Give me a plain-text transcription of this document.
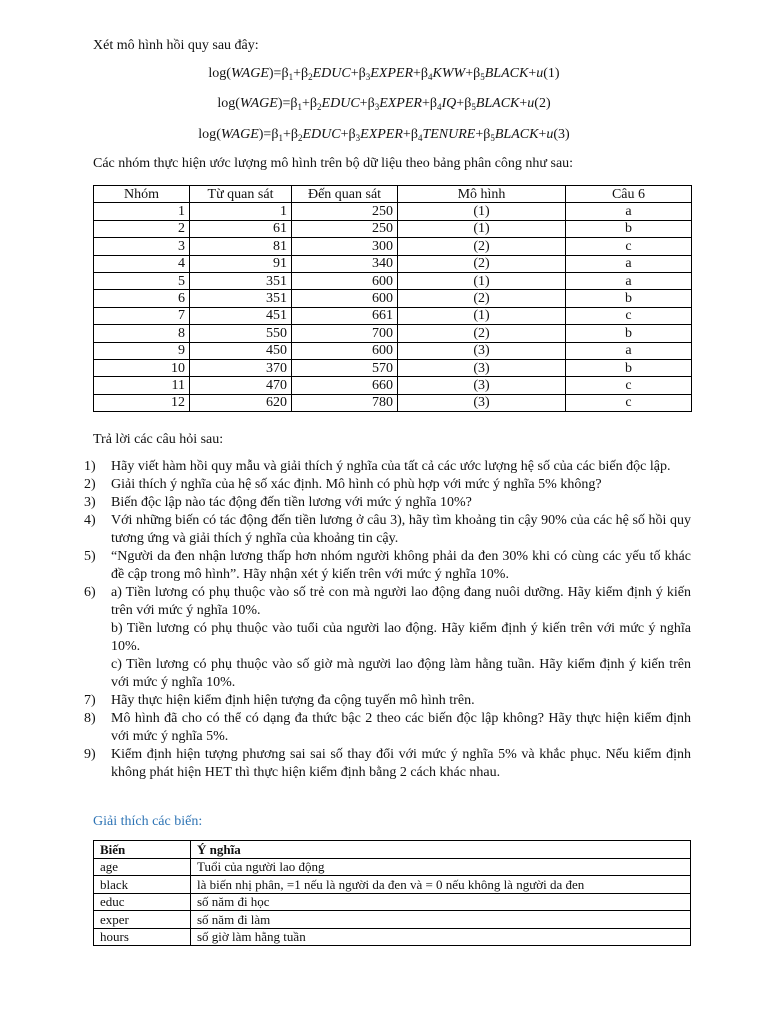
Xét mô hình hồi quy sau đây:
$\log(WAGE)=\beta_1+\beta_2EDUC+\beta_3EXPER+\beta_4KWW+\beta_5BLACK+u(1)$
$\log(WAGE)=\beta_1+\beta_2EDUC+\beta_3EXPER+\beta_4IQ+\beta_5BLACK+u(2)$
$\log(WAGE)=\beta_1+\beta_2EDUC+\beta_3EXPER+\beta_4TENURE+\beta_5BLACK+u(3)$
Các nhóm thực hiện ước lượng mô hình trên bộ dữ liệu theo bảng phân công như sau:
Nhóm	Từ quan sát	Đến quan sát	Mô hình	Câu 6
1	1	250	(1)	a
2	61	250	(1)	b
3	81	300	(2)	c
4	91	340	(2)	a
5	351	600	(1)	a
6	351	600	(2)	b
7	451	661	(1)	c
8	550	700	(2)	b
9	450	600	(3)	a
10	370	570	(3)	b
11	470	660	(3)	c
12	620	780	(3)	c
Trả lời các câu hỏi sau:
1)	Hãy viết hàm hồi quy mẫu và giải thích ý nghĩa của tất cả các ước lượng hệ số của các biến độc lập.
2)	Giải thích ý nghĩa của hệ số xác định. Mô hình có phù hợp với mức ý nghĩa 5% không?
3)	Biến độc lập nào tác động đến tiền lương với mức ý nghĩa 10%?
4)	Với những biến có tác động đến tiền lương ở câu 3), hãy tìm khoảng tin cậy 90% của các hệ số hồi quy tương ứng và giải thích ý nghĩa của khoảng tin cậy.
5)	“Người da đen nhận lương thấp hơn nhóm người không phải da đen 30% khi có cùng các yếu tố khác đề cập trong mô hình”. Hãy nhận xét ý kiến trên với mức ý nghĩa 10%.
6)	a) Tiền lương có phụ thuộc vào số trẻ con mà người lao động đang nuôi dưỡng. Hãy kiểm định ý kiến trên với mức ý nghĩa 10%.
b) Tiền lương có phụ thuộc vào tuổi của người lao động. Hãy kiểm định ý kiến trên với mức ý nghĩa 10%.
c) Tiền lương có phụ thuộc vào số giờ mà người lao động làm hằng tuần. Hãy kiểm định ý kiến trên với mức ý nghĩa 10%.
7)	Hãy thực hiện kiểm định hiện tượng đa cộng tuyến mô hình trên.
8)	Mô hình đã cho có thể có dạng đa thức bậc 2 theo các biến độc lập không? Hãy thực hiện kiểm định với mức ý nghĩa 5%.
9)	Kiểm định hiện tượng phương sai sai số thay đổi với mức ý nghĩa 5% và khắc phục. Nếu kiểm định không phát hiện HET thì thực hiện kiểm định bằng 2 cách khác nhau.
Giải thích các biến:
Biến	Ý nghĩa
age	Tuổi của người lao động
black	là biến nhị phân, =1 nếu là người da đen và = 0 nếu không là người da đen
educ	số năm đi học
exper	số năm đi làm
hours	số giờ làm hằng tuần
